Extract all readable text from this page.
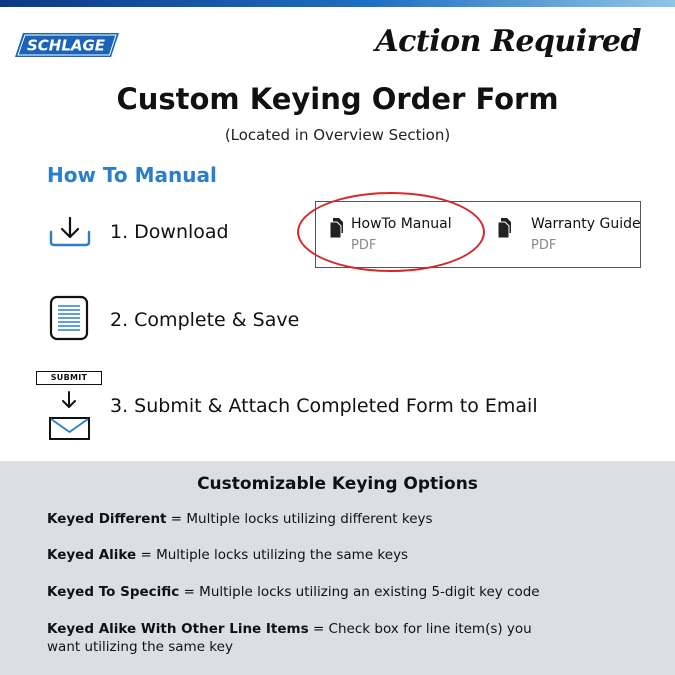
SCHLAGE	Action Required
Custom Keying Order Form
(Located in Overview Section)
How To Manual
1. Download	HowTo Manual
PDF
Warranty Guide
PDF
2. Complete & Save
SUBMIT
3. Submit & Attach Completed Form to Email
Customizable Keying Options
Keyed Different = Multiple locks utilizing different keys
Keyed Alike = Multiple locks utilizing the same keys
Keyed To Specific = Multiple locks utilizing an existing 5-digit key code
Keyed Alike With Other Line Items = Check box for line item(s) you want utilizing the same key
